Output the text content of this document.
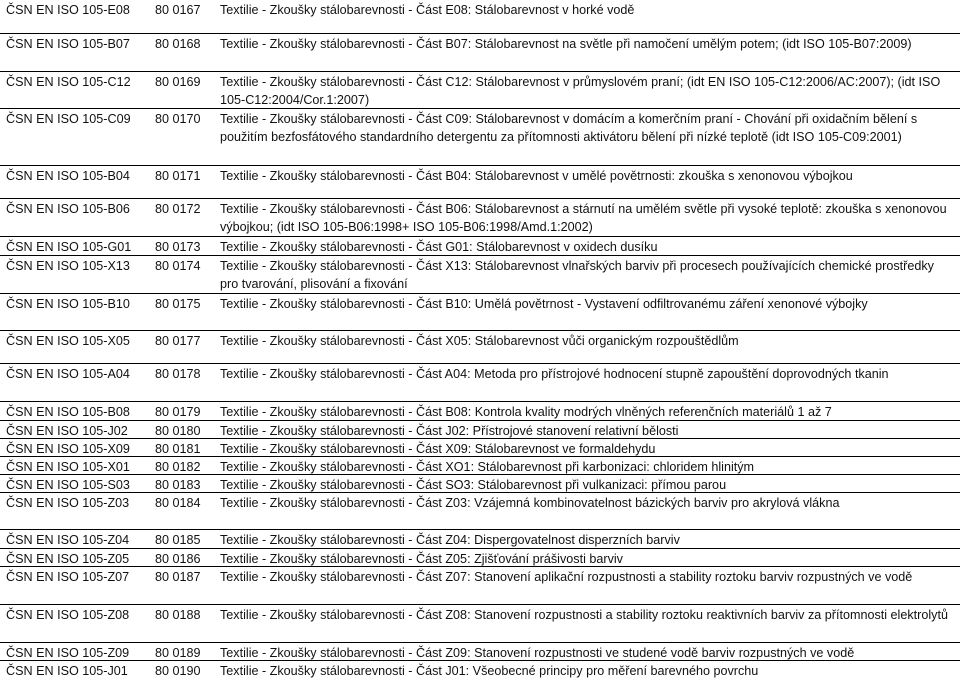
ČSN EN ISO 105-E08	80 0167	Textilie - Zkoušky stálobarevnosti - Část E08: Stálobarevnost v horké vodě
ČSN EN ISO 105-B07	80 0168	Textilie - Zkoušky stálobarevnosti - Část B07: Stálobarevnost na světle při namočení umělým potem; (idt ISO 105-B07:2009)
ČSN EN ISO 105-C12	80 0169	Textilie - Zkoušky stálobarevnosti - Část C12: Stálobarevnost v průmyslovém praní; (idt EN ISO 105-C12:2006/AC:2007); (idt ISO 105-C12:2004/Cor.1:2007)
ČSN EN ISO 105-C09	80 0170	Textilie - Zkoušky stálobarevnosti - Část C09: Stálobarevnost v domácím a komerčním praní - Chování při oxidačním bělení s použitím bezfosfátového standardního detergentu za přítomnosti aktivátoru bělení při nízké teplotě (idt ISO 105-C09:2001)
ČSN EN ISO 105-B04	80 0171	Textilie - Zkoušky stálobarevnosti - Část B04: Stálobarevnost v umělé povětrnosti: zkouška s xenonovou výbojkou
ČSN EN ISO 105-B06	80 0172	Textilie - Zkoušky stálobarevnosti - Část B06: Stálobarevnost a stárnutí na umělém světle při vysoké teplotě: zkouška s xenonovou výbojkou; (idt ISO 105-B06:1998+ ISO 105-B06:1998/Amd.1:2002)
ČSN EN ISO 105-G01	80 0173	Textilie - Zkoušky stálobarevnosti - Část G01: Stálobarevnost v oxidech dusíku
ČSN EN ISO 105-X13	80 0174	Textilie - Zkoušky stálobarevnosti - Část X13: Stálobarevnost vlnařských barviv při procesech používajících chemické prostředky pro tvarování, plisování a fixování
ČSN EN ISO 105-B10	80 0175	Textilie - Zkoušky stálobarevnosti - Část B10: Umělá povětrnost - Vystavení odfiltrovanému záření xenonové výbojky
ČSN EN ISO 105-X05	80 0177	Textilie - Zkoušky stálobarevnosti - Část X05: Stálobarevnost vůči organickým rozpouštědlům
ČSN EN ISO 105-A04	80 0178	Textilie - Zkoušky stálobarevnosti - Část A04: Metoda pro přístrojové hodnocení stupně zapouštění doprovodných tkanin
ČSN EN ISO 105-B08	80 0179	Textilie - Zkoušky stálobarevnosti - Část B08: Kontrola kvality modrých vlněných referenčních materiálů 1 až 7
ČSN EN ISO 105-J02	80 0180	Textilie - Zkoušky stálobarevnosti - Část J02: Přístrojové stanovení relativní bělosti
ČSN EN ISO 105-X09	80 0181	Textilie - Zkoušky stálobarevnosti - Část X09: Stálobarevnost ve formaldehydu
ČSN EN ISO 105-X01	80 0182	Textilie - Zkoušky stálobarevnosti - Část XO1: Stálobarevnost při karbonizaci: chloridem hlinitým
ČSN EN ISO 105-S03	80 0183	Textilie - Zkoušky stálobarevnosti - Část SO3: Stálobarevnost při vulkanizaci: přímou parou
ČSN EN ISO 105-Z03	80 0184	Textilie - Zkoušky stálobarevnosti - Část Z03: Vzájemná kombinovatelnost bázických barviv pro akrylová vlákna
ČSN EN ISO 105-Z04	80 0185	Textilie - Zkoušky stálobarevnosti - Část Z04: Dispergovatelnost disperzních barviv
ČSN EN ISO 105-Z05	80 0186	Textilie - Zkoušky stálobarevnosti - Část Z05: Zjišťování prášivosti barviv
ČSN EN ISO 105-Z07	80 0187	Textilie - Zkoušky stálobarevnosti - Část Z07: Stanovení aplikační rozpustnosti a stability roztoku barviv rozpustných ve vodě
ČSN EN ISO 105-Z08	80 0188	Textilie - Zkoušky stálobarevnosti - Část Z08: Stanovení rozpustnosti a stability roztoku reaktivních barviv za přítomnosti elektrolytů
ČSN EN ISO 105-Z09	80 0189	Textilie - Zkoušky stálobarevnosti - Část Z09: Stanovení rozpustnosti ve studené vodě barviv rozpustných ve vodě
ČSN EN ISO 105-J01	80 0190	Textilie - Zkoušky stálobarevnosti - Část J01: Všeobecné principy pro měření barevného povrchu
